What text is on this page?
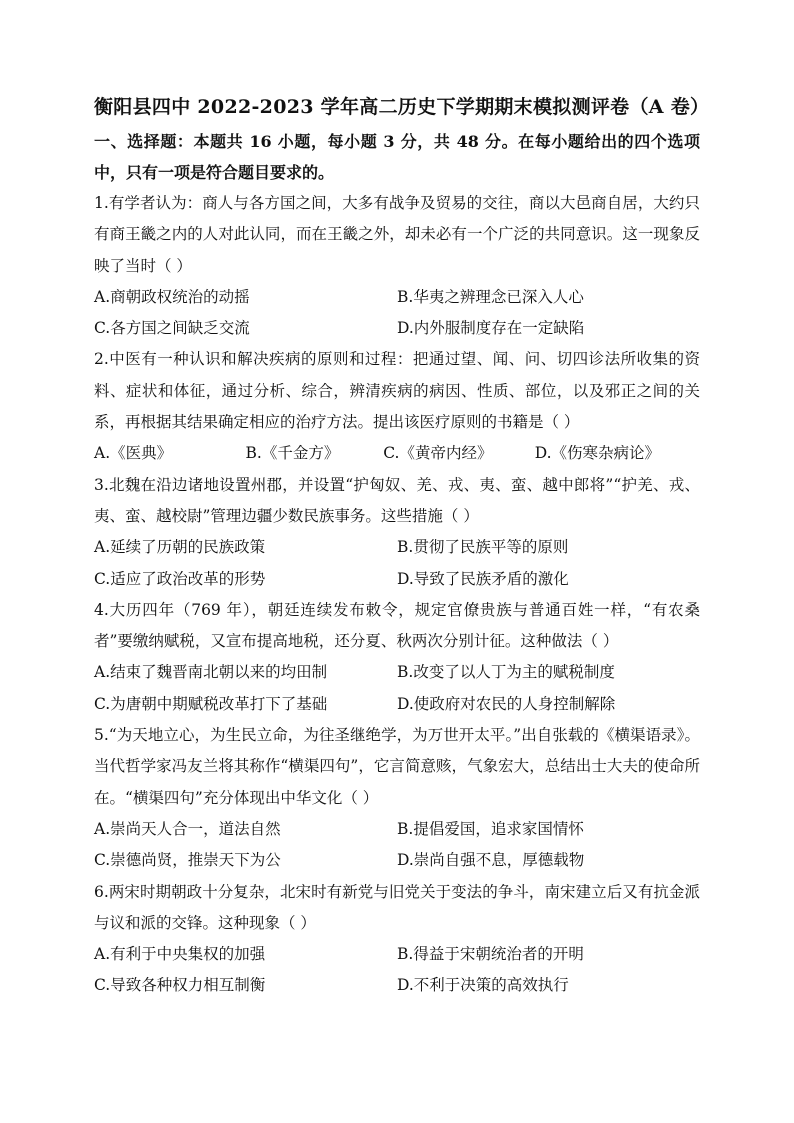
衡阳县四中 2022-2023 学年高二历史下学期期末模拟测评卷（A 卷）

一、选择题：本题共 16 小题，每小题 3 分，共 48 分。在每小题给出的四个选项中，只有一项是符合题目要求的。

1.有学者认为：商人与各方国之间，大多有战争及贸易的交往，商以大邑商自居，大约只有商王畿之内的人对此认同，而在王畿之外，却未必有一个广泛的共同意识。这一现象反映了当时（ ）

A.商朝政权统治的动摇	B.华夷之辨理念已深入人心
C.各方国之间缺乏交流	D.内外服制度存在一定缺陷

2.中医有一种认识和解决疾病的原则和过程：把通过望、闻、问、切四诊法所收集的资料、症状和体征，通过分析、综合，辨清疾病的病因、性质、部位，以及邪正之间的关系，再根据其结果确定相应的治疗方法。提出该医疗原则的书籍是（ ）

A.《医典》	B.《千金方》	C.《黄帝内经》	D.《伤寒杂病论》

3.北魏在沿边诸地设置州郡，并设置“护匈奴、羌、戎、夷、蛮、越中郎将”“护羌、戎、夷、蛮、越校尉”管理边疆少数民族事务。这些措施（ ）

A.延续了历朝的民族政策	B.贯彻了民族平等的原则
C.适应了政治改革的形势	D.导致了民族矛盾的激化

4.大历四年（769 年），朝廷连续发布敕令，规定官僚贵族与普通百姓一样，“有农桑者”要缴纳赋税，又宣布提高地税，还分夏、秋两次分别计征。这种做法（ ）

A.结束了魏晋南北朝以来的均田制	B.改变了以人丁为主的赋税制度
C.为唐朝中期赋税改革打下了基础	D.使政府对农民的人身控制解除

5.“为天地立心，为生民立命，为往圣继绝学，为万世开太平。”出自张载的《横渠语录》。当代哲学家冯友兰将其称作“横渠四句”，它言简意赅，气象宏大，总结出士大夫的使命所在。“横渠四句”充分体现出中华文化（ ）

A.崇尚天人合一，道法自然	B.提倡爱国，追求家国情怀
C.崇德尚贤，推崇天下为公	D.崇尚自强不息，厚德载物

6.两宋时期朝政十分复杂，北宋时有新党与旧党关于变法的争斗，南宋建立后又有抗金派与议和派的交锋。这种现象（ ）

A.有利于中央集权的加强	B.得益于宋朝统治者的开明
C.导致各种权力相互制衡	D.不利于决策的高效执行
